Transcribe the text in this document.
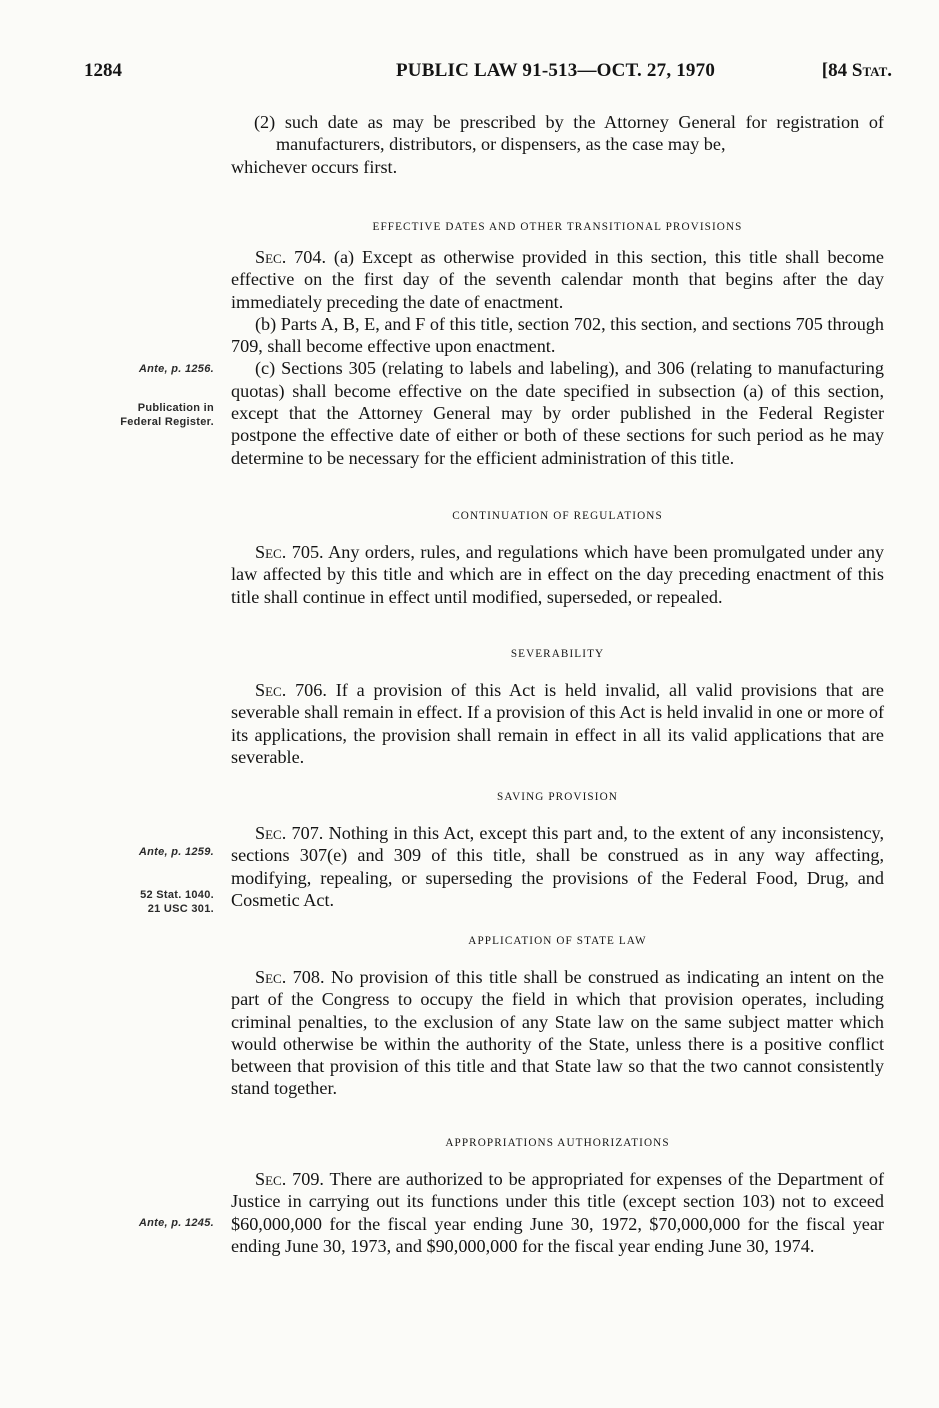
1284	PUBLIC LAW 91-513—OCT. 27, 1970	[84 Stat.

(2) such date as may be prescribed by the Attorney General for registration of manufacturers, distributors, or dispensers, as the case may be,

whichever occurs first.

EFFECTIVE DATES AND OTHER TRANSITIONAL PROVISIONS

Sec. 704. (a) Except as otherwise provided in this section, this title shall become effective on the first day of the seventh calendar month that begins after the day immediately preceding the date of enactment.

(b) Parts A, B, E, and F of this title, section 702, this section, and sections 705 through 709, shall become effective upon enactment.

(c) Sections 305 (relating to labels and labeling), and 306 (relating to manufacturing quotas) shall become effective on the date specified in subsection (a) of this section, except that the Attorney General may by order published in the Federal Register postpone the effective date of either or both of these sections for such period as he may determine to be necessary for the efficient administration of this title.

CONTINUATION OF REGULATIONS

Sec. 705. Any orders, rules, and regulations which have been promulgated under any law affected by this title and which are in effect on the day preceding enactment of this title shall continue in effect until modified, superseded, or repealed.

SEVERABILITY

Sec. 706. If a provision of this Act is held invalid, all valid provisions that are severable shall remain in effect. If a provision of this Act is held invalid in one or more of its applications, the provision shall remain in effect in all its valid applications that are severable.

SAVING PROVISION

Sec. 707. Nothing in this Act, except this part and, to the extent of any inconsistency, sections 307(e) and 309 of this title, shall be construed as in any way affecting, modifying, repealing, or superseding the provisions of the Federal Food, Drug, and Cosmetic Act.

APPLICATION OF STATE LAW

Sec. 708. No provision of this title shall be construed as indicating an intent on the part of the Congress to occupy the field in which that provision operates, including criminal penalties, to the exclusion of any State law on the same subject matter which would otherwise be within the authority of the State, unless there is a positive conflict between that provision of this title and that State law so that the two cannot consistently stand together.

APPROPRIATIONS AUTHORIZATIONS

Sec. 709. There are authorized to be appropriated for expenses of the Department of Justice in carrying out its functions under this title (except section 103) not to exceed $60,000,000 for the fiscal year ending June 30, 1972, $70,000,000 for the fiscal year ending June 30, 1973, and $90,000,000 for the fiscal year ending June 30, 1974.

Ante, p. 1256.
Publication in
Federal Register.
Ante, p. 1259.
52 Stat. 1040.
21 USC 301.
Ante, p. 1245.
